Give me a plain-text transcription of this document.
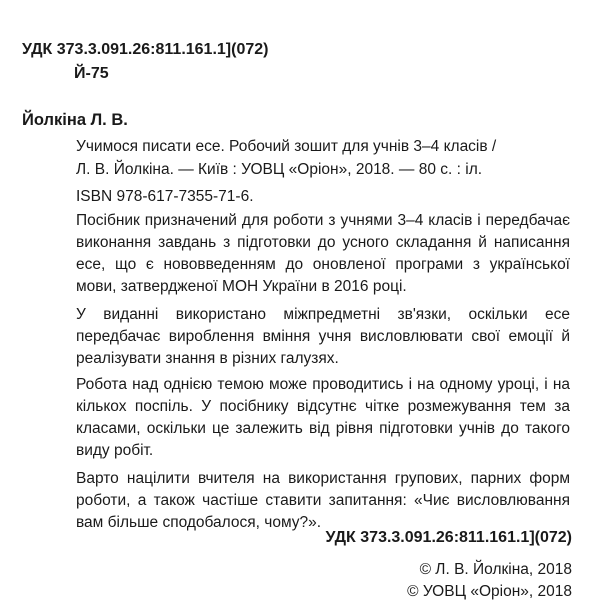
УДК 373.3.091.26:811.161.1](072)
Й-75
Йолкіна Л. В.
Учимося писати есе. Робочий зошит для учнів 3–4 класів /
Л. В. Йолкіна. — Київ : УОВЦ «Оріон», 2018. — 80 с. : іл.
ISBN 978-617-7355-71-6.
Посібник призначений для роботи з учнями 3–4 класів і передбачає виконання завдань з підготовки до усного складання й написання есе, що є нововведенням до оновленої програми з української мови, затвердженої МОН України в 2016 році.
У виданні використано міжпредметні зв'язки, оскільки есе передбачає вироблення вміння учня висловлювати свої емоції й реалізувати знання в різних галузях.
Робота над однією темою може проводитись і на одному уроці, і на кількох поспіль. У посібнику відсутнє чітке розмежування тем за класами, оскільки це залежить від рівня підготовки учнів до такого виду робіт.
Варто націлити вчителя на використання групових, парних форм роботи, а також частіше ставити запитання: «Чиє висловлювання вам більше сподобалося, чому?».
УДК 373.3.091.26:811.161.1](072)
© Л. В. Йолкіна, 2018
© УОВЦ «Оріон», 2018
